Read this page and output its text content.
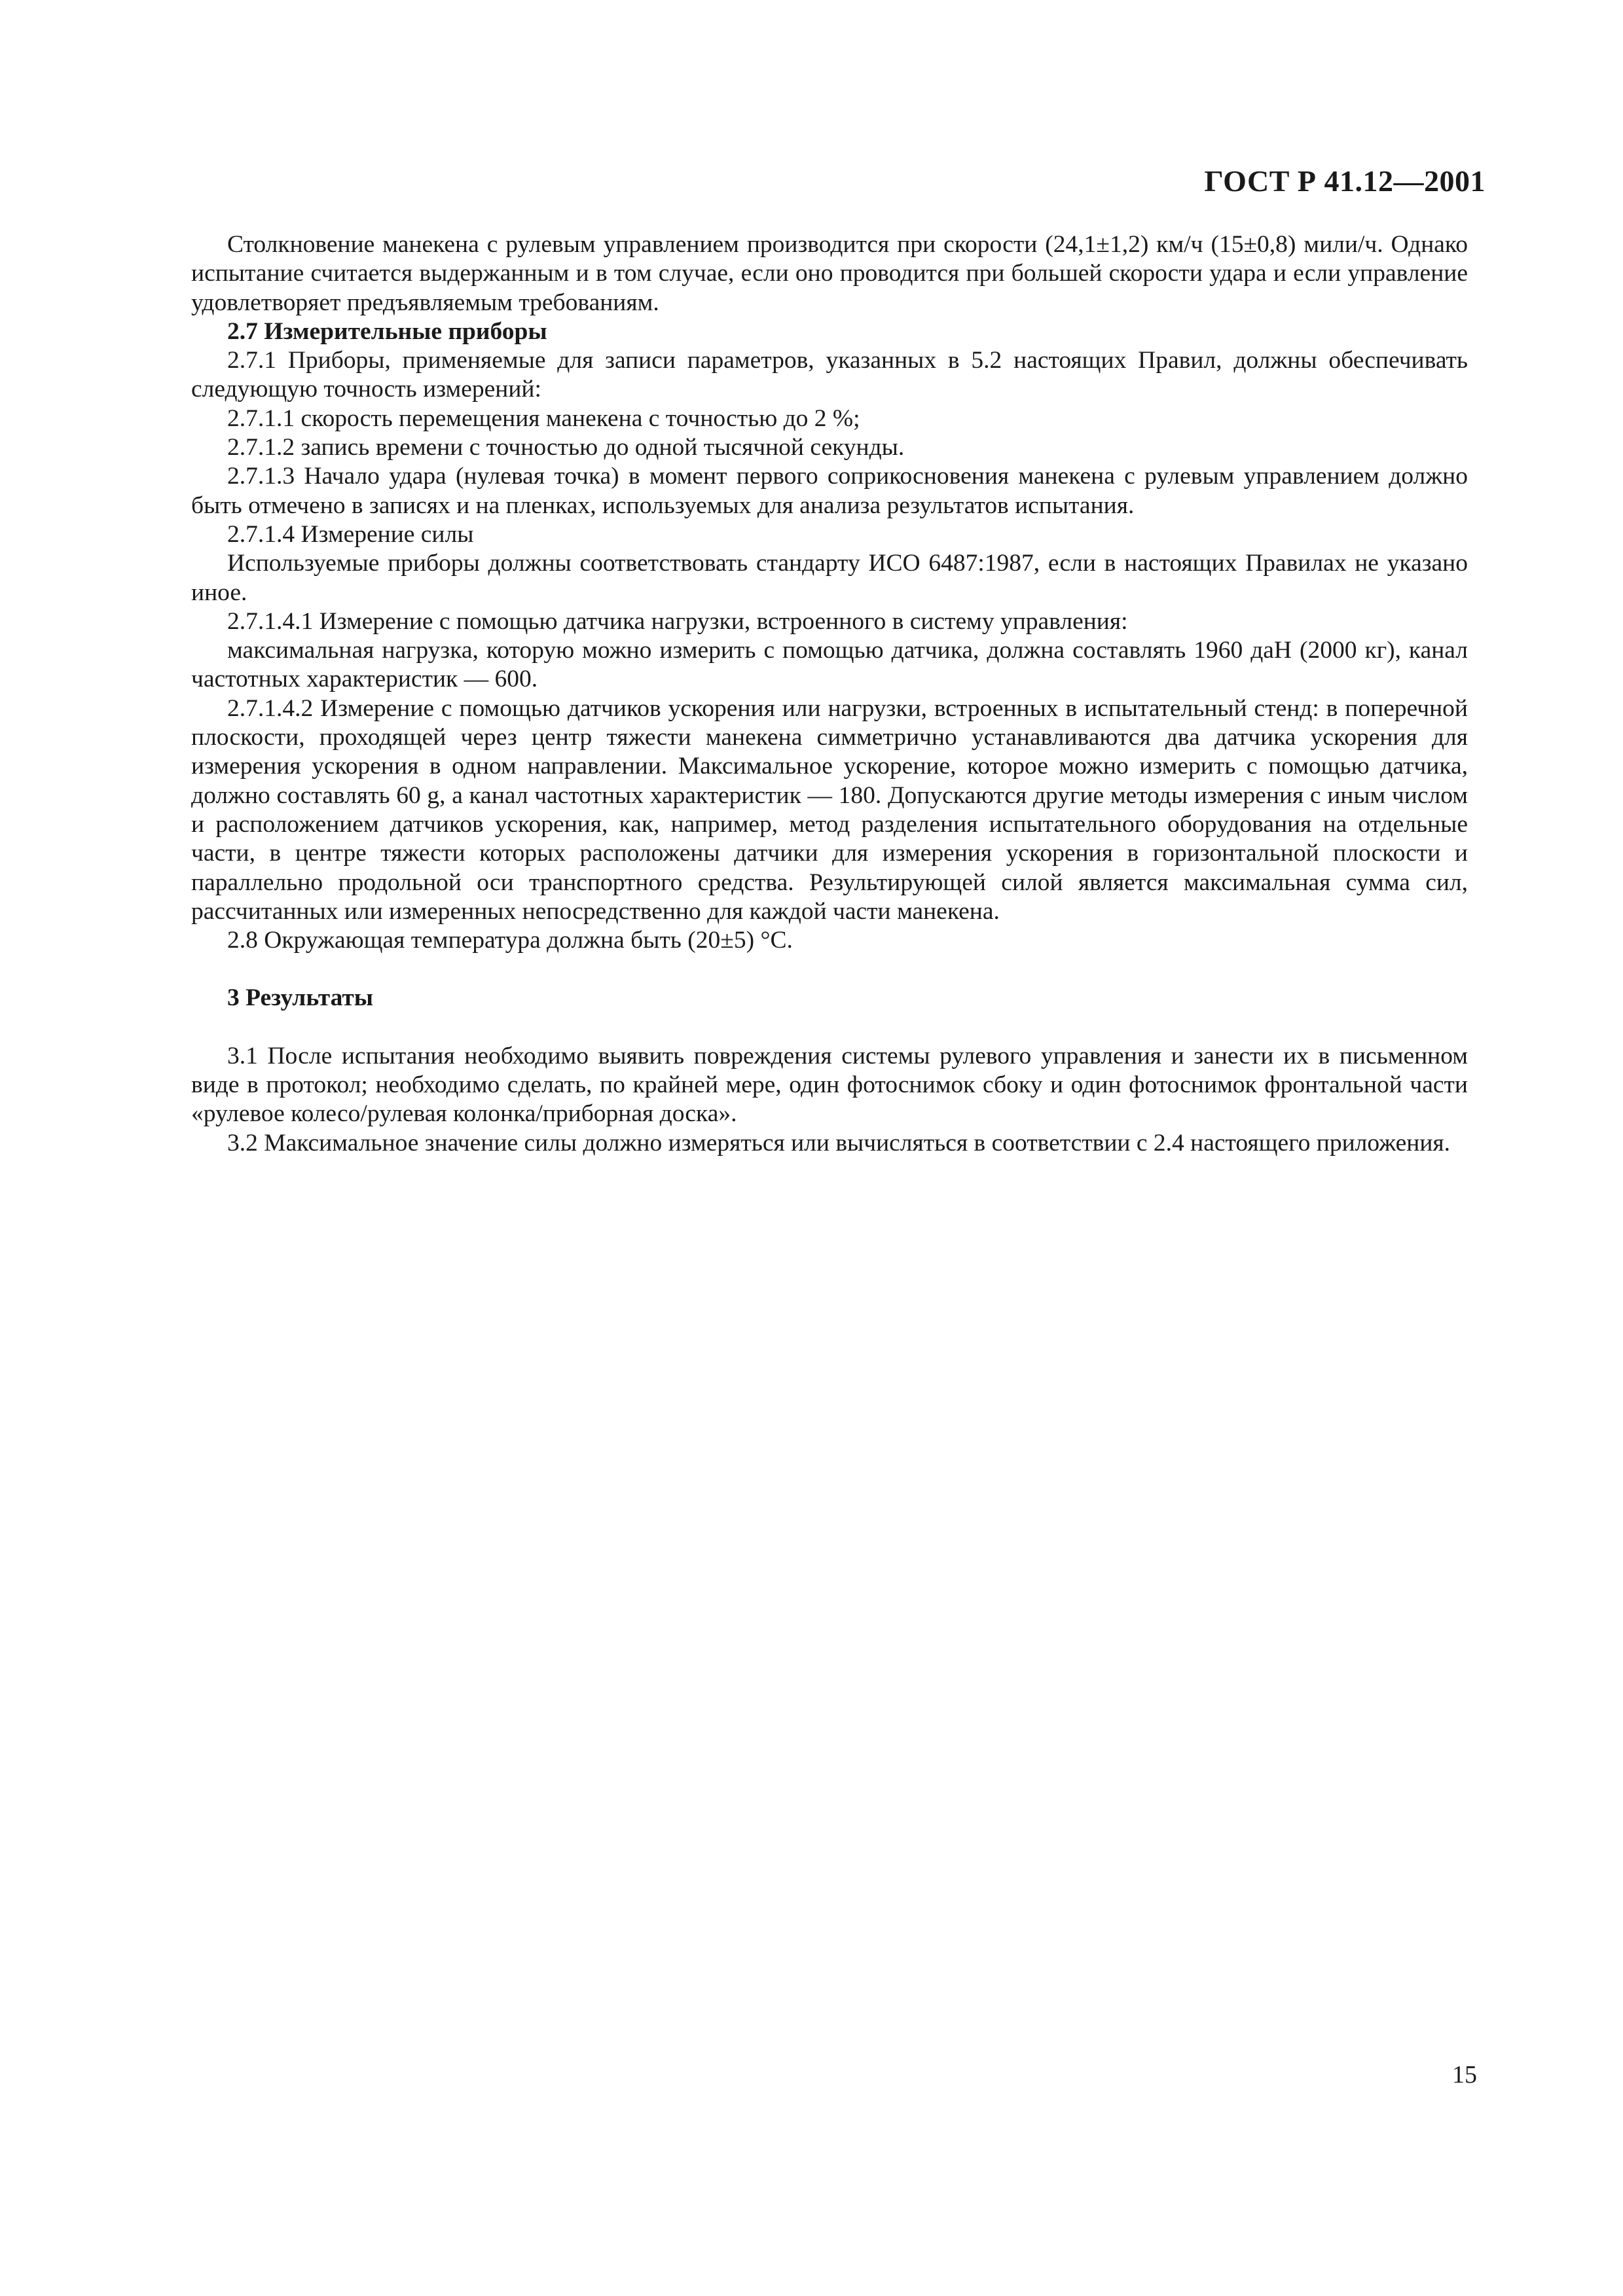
ГОСТ Р 41.12—2001

Столкновение манекена с рулевым управлением производится при скорости (24,1±1,2) км/ч (15±0,8) мили/ч. Однако испытание считается выдержанным и в том случае, если оно проводится при большей скорости удара и если управление удовлетворяет предъявляемым требованиям.

2.7 Измерительные приборы

2.7.1 Приборы, применяемые для записи параметров, указанных в 5.2 настоящих Правил, должны обеспечивать следующую точность измерений:

2.7.1.1 скорость перемещения манекена с точностью до 2 %;

2.7.1.2 запись времени с точностью до одной тысячной секунды.

2.7.1.3 Начало удара (нулевая точка) в момент первого соприкосновения манекена с рулевым управлением должно быть отмечено в записях и на пленках, используемых для анализа результатов испытания.

2.7.1.4 Измерение силы

Используемые приборы должны соответствовать стандарту ИСО 6487:1987, если в настоящих Правилах не указано иное.

2.7.1.4.1 Измерение с помощью датчика нагрузки, встроенного в систему управления:

максимальная нагрузка, которую можно измерить с помощью датчика, должна составлять 1960 даН (2000 кг), канал частотных характеристик — 600.

2.7.1.4.2 Измерение с помощью датчиков ускорения или нагрузки, встроенных в испытательный стенд: в поперечной плоскости, проходящей через центр тяжести манекена симметрично устанавливаются два датчика ускорения для измерения ускорения в одном направлении. Максимальное ускорение, которое можно измерить с помощью датчика, должно составлять 60 g, а канал частотных характеристик — 180. Допускаются другие методы измерения с иным числом и расположением датчиков ускорения, как, например, метод разделения испытательного оборудования на отдельные части, в центре тяжести которых расположены датчики для измерения ускорения в горизонтальной плоскости и параллельно продольной оси транспортного средства. Результирующей силой является максимальная сумма сил, рассчитанных или измеренных непосредственно для каждой части манекена.

2.8 Окружающая температура должна быть (20±5) °С.

3 Результаты

3.1 После испытания необходимо выявить повреждения системы рулевого управления и занести их в письменном виде в протокол; необходимо сделать, по крайней мере, один фотоснимок сбоку и один фотоснимок фронтальной части «рулевое колесо/рулевая колонка/приборная доска».

3.2 Максимальное значение силы должно измеряться или вычисляться в соответствии с 2.4 настоящего приложения.

15
